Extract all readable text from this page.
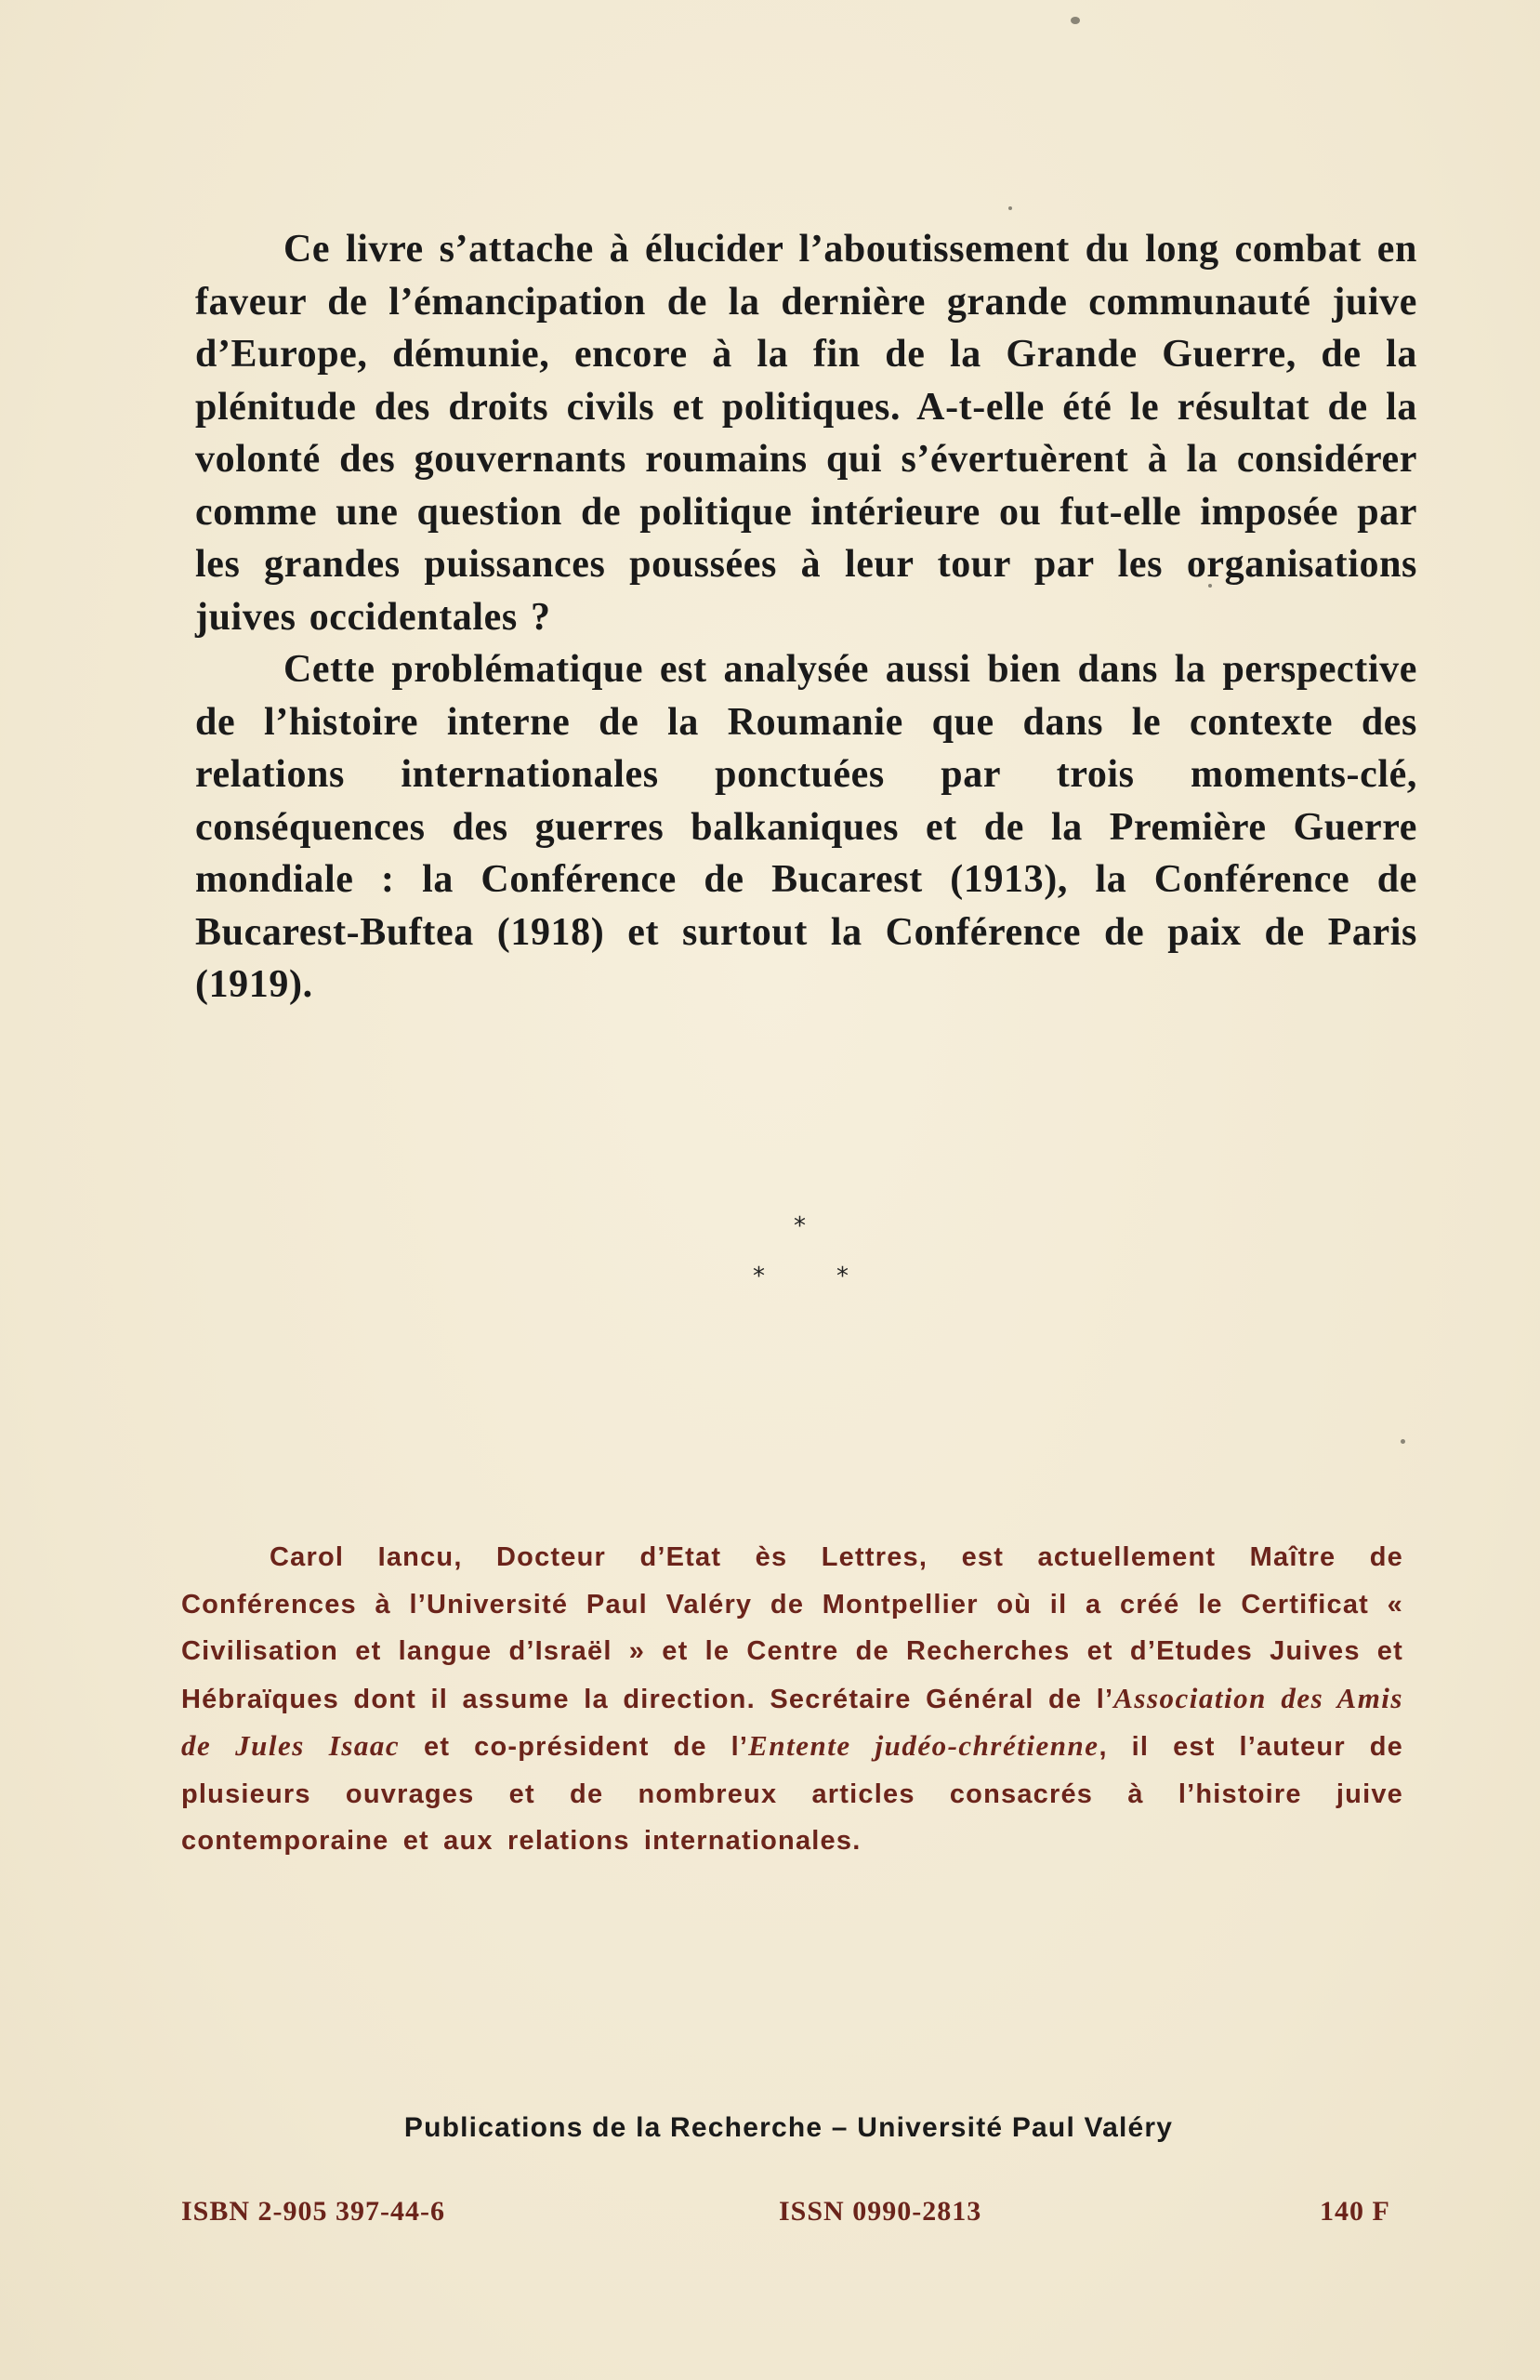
Ce livre s’attache à élucider l’aboutissement du long combat en faveur de l’émancipation de la dernière grande communauté juive d’Europe, démunie, encore à la fin de la Grande Guerre, de la plénitude des droits civils et politiques. A-t-elle été le résultat de la volonté des gouvernants roumains qui s’évertuèrent à la considérer comme une question de politique intérieure ou fut-elle imposée par les grandes puissances poussées à leur tour par les organisations juives occidentales ?

Cette problématique est analysée aussi bien dans la perspective de l’histoire interne de la Roumanie que dans le contexte des relations internationales ponctuées par trois moments-clé, conséquences des guerres balkaniques et de la Première Guerre mondiale : la Conférence de Bucarest (1913), la Conférence de Bucarest-Buftea (1918) et surtout la Conférence de paix de Paris (1919).

*
*	*

Carol Iancu, Docteur d’Etat ès Lettres, est actuellement Maître de Conférences à l’Université Paul Valéry de Montpellier où il a créé le Certificat « Civilisation et langue d’Israël » et le Centre de Recherches et d’Etudes Juives et Hébraïques dont il assume la direction. Secrétaire Général de l’Association des Amis de Jules Isaac et co-président de l’Entente judéo-chrétienne, il est l’auteur de plusieurs ouvrages et de nombreux articles consacrés à l’histoire juive contemporaine et aux relations internationales.

Publications de la Recherche – Université Paul Valéry
ISBN 2-905 397-44-6	ISSN 0990-2813	140 F
